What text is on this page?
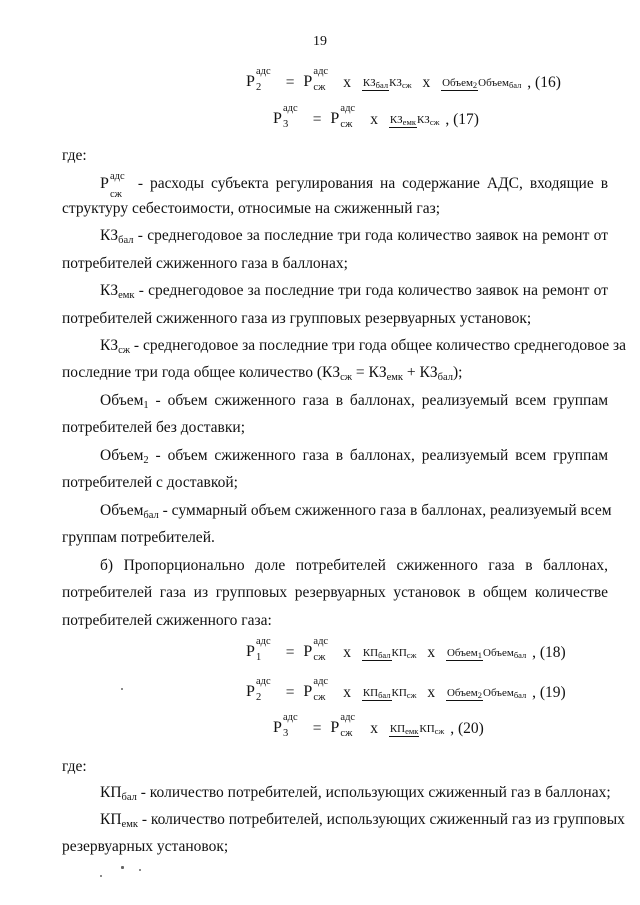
19
P
адс
2 = P
адс
сж х $КЗ_{бал}КЗ_{сж}$ х Объем$_2$Объем$_{бал}$ , (16)
P
адс
3 = P
адс
сж х $КЗ_{емк}КЗ_{сж}$ , (17)
где:
P адс
сж
- расходы субъекта регулирования на содержание АДС, входящие в
структуру себестоимости, относимые на сжиженный газ;
$КЗ_{бал}$ - среднегодовое за последние три года количество заявок на ремонт от
потребителей сжиженного газа в баллонах;
$КЗ_{емк}$ - среднегодовое за последние три года количество заявок на ремонт от
потребителей сжиженного газа из групповых резервуарных установок;
$КЗ_{сж}$ - среднегодовое за последние три года общее количество среднегодовое за
последние три года общее количество $(КЗ_{сж} = КЗ_{емк} + КЗ_{бал})$;
Объем$_1$ - объем сжиженного газа в баллонах, реализуемый всем группам
потребителей без доставки;
Объем$_2$ - объем сжиженного газа в баллонах, реализуемый всем группам
потребителей с доставкой;
Объем$_{бал}$ - суммарный объем сжиженного газа в баллонах, реализуемый всем
группам потребителей.
б) Пропорционально доле потребителей сжиженного газа в баллонах,
потребителей газа из групповых резервуарных установок в общем количестве
потребителей сжиженного газа:
P
адс
1 = P
адс
сж х $КП_{бал}КП_{сж}$ х Объем$_1$Объем$_{бал}$ , (18)
P
адс
2 = P
адс
сж х $КП_{бал}КП_{сж}$ х Объем$_2$Объем$_{бал}$ , (19)
P
адс
3 = P
адс
сж х $КП_{емк}КП_{сж}$ , (20)
где:
$КП_{бал}$ - количество потребителей, использующих сжиженный газ в баллонах;
$КП_{емк}$ - количество потребителей, использующих сжиженный газ из групповых
резервуарных установок;
